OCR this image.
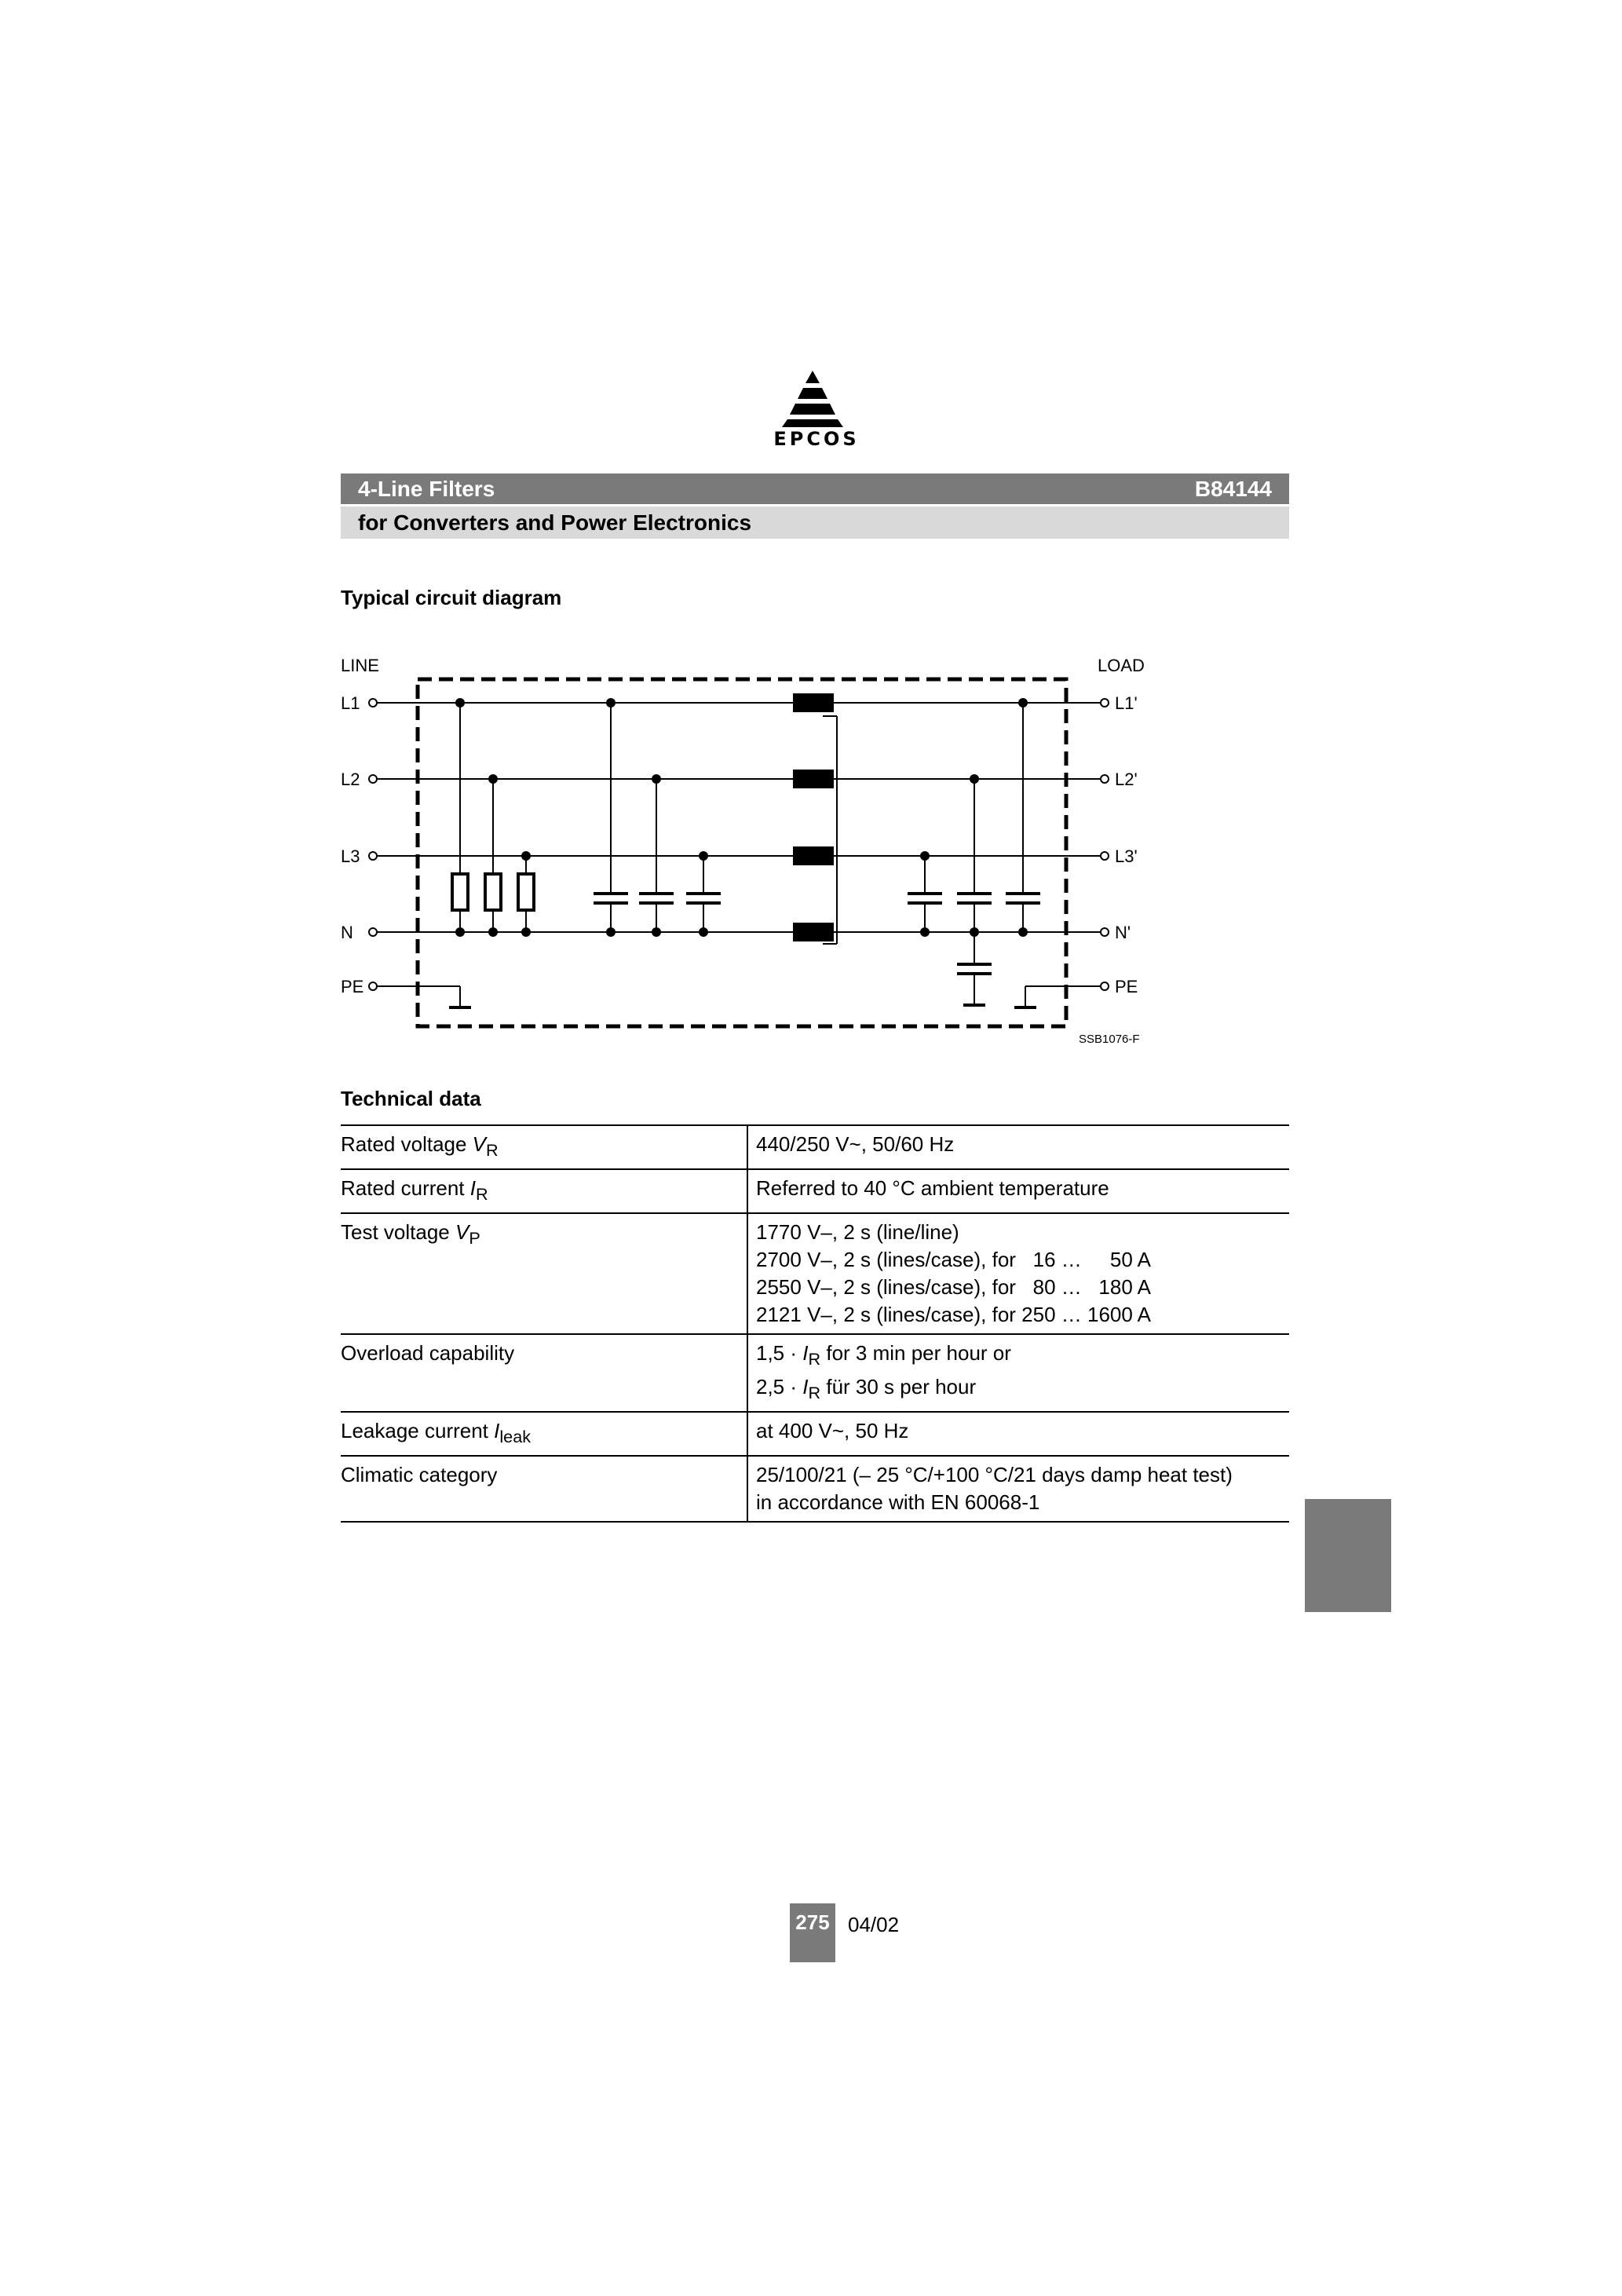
EPCOS
4-Line Filters	B84144
for Converters and Power Electronics
Typical circuit diagram
LINE	LOAD
L1
L2
L3
N
PE
L1'
L2'
L3'
N'
PE
SSB1076-F
Technical data
Rated voltage $V_R$	440/250 V~, 50/60 Hz

Rated current $I_R$	Referred to 40 °C ambient temperature

Test voltage $V_P$	1770 V–, 2 s (line/line)
2700 V–, 2 s (lines/case), for   16 …     50 A
2550 V–, 2 s (lines/case), for   80 …   180 A
2121 V–, 2 s (lines/case), for 250 … 1600 A

Overload capability	$1,5 \cdot I_R$ for 3 min per hour or
$2,5 \cdot I_R$ für 30 s per hour

Leakage current $I_{leak}$	at 400 V~, 50 Hz

Climatic category	25/100/21 (– 25 °C/+100 °C/21 days damp heat test)
in accordance with EN 60068-1
275 04/02
